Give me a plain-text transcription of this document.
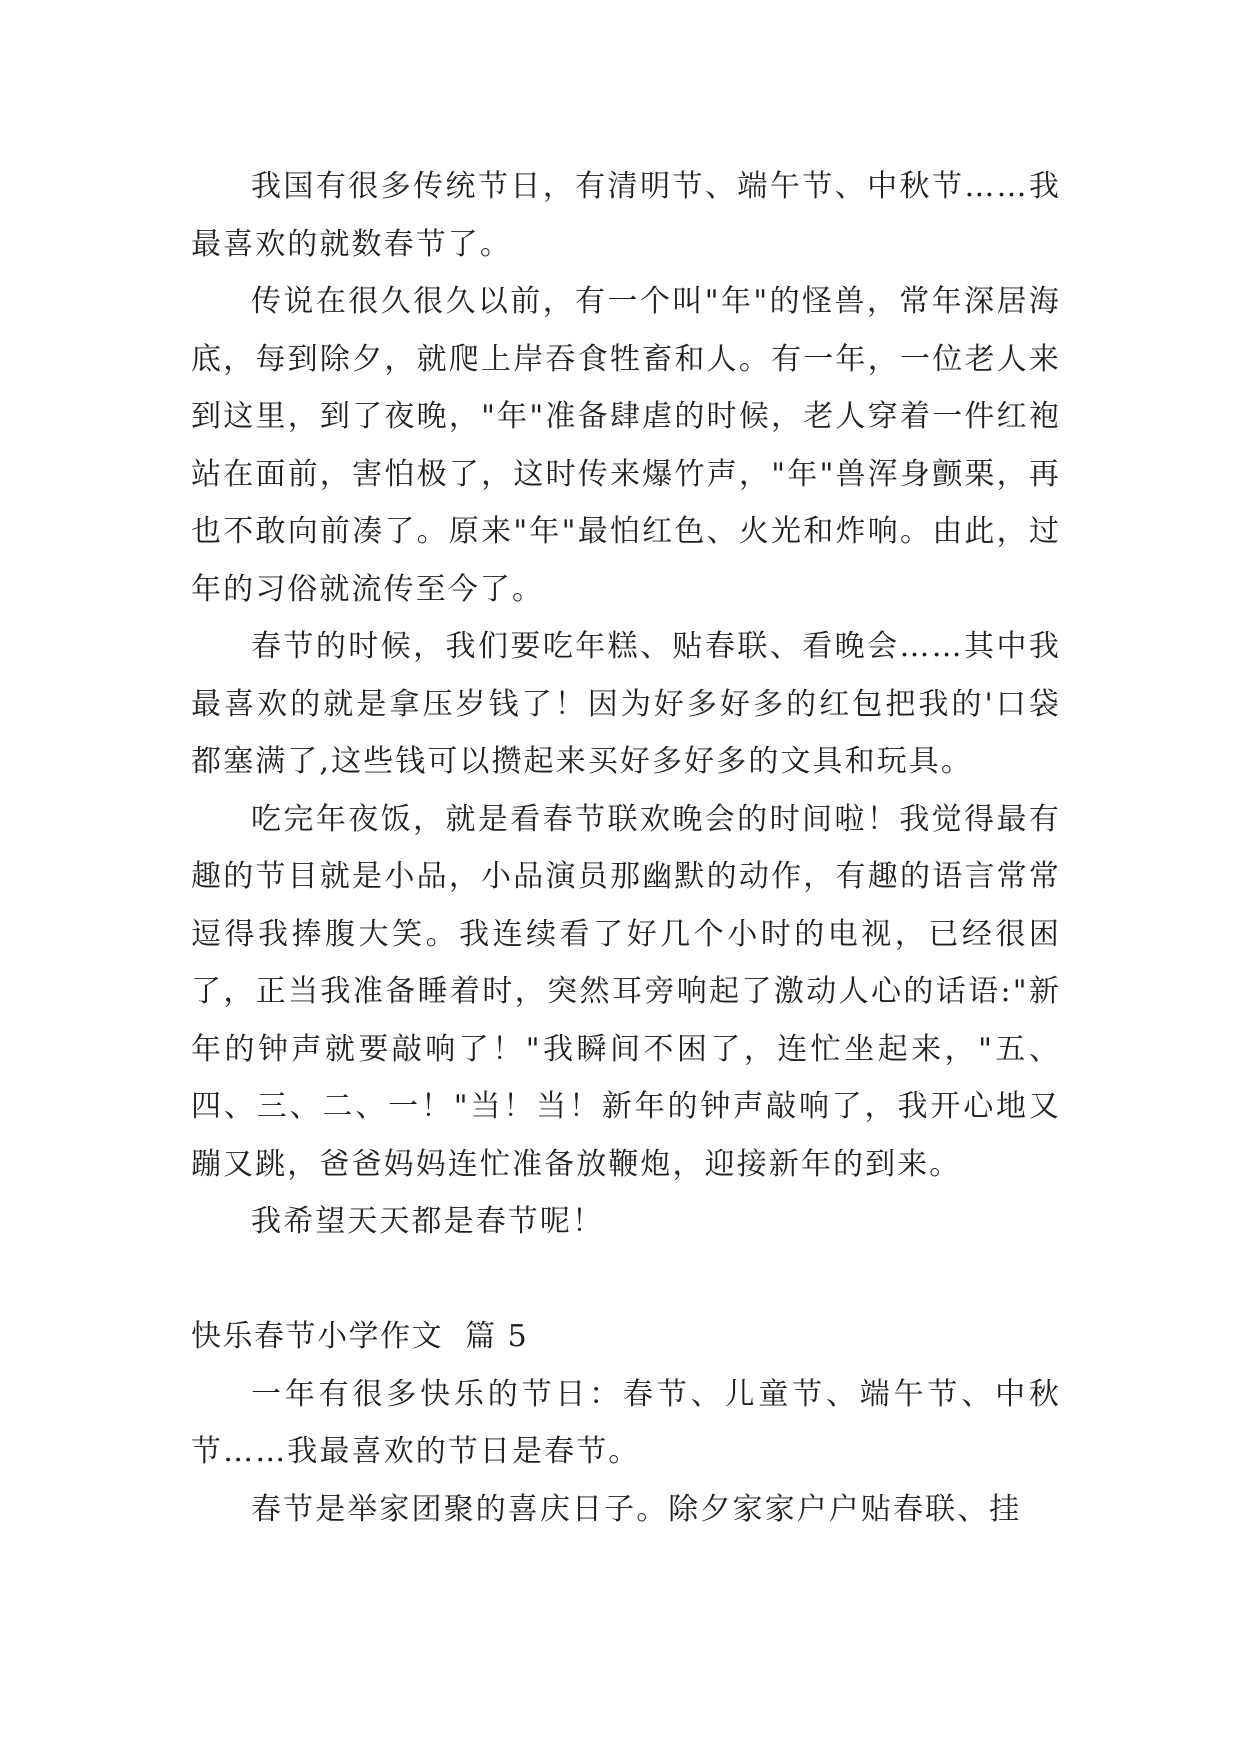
我国有很多传统节日，有清明节、端午节、中秋节……我最喜欢的就数春节了。

传说在很久很久以前，有一个叫"年"的怪兽，常年深居海底，每到除夕，就爬上岸吞食牲畜和人。有一年，一位老人来到这里，到了夜晚，"年"准备肆虐的时候，老人穿着一件红袍站在面前，害怕极了，这时传来爆竹声，"年"兽浑身颤栗，再也不敢向前凑了。原来"年"最怕红色、火光和炸响。由此，过年的习俗就流传至今了。

春节的时候，我们要吃年糕、贴春联、看晚会……其中我最喜欢的就是拿压岁钱了！因为好多好多的红包把我的'口袋都塞满了,这些钱可以攒起来买好多好多的文具和玩具。

吃完年夜饭，就是看春节联欢晚会的时间啦！我觉得最有趣的节目就是小品，小品演员那幽默的动作，有趣的语言常常逗得我捧腹大笑。我连续看了好几个小时的电视，已经很困了，正当我准备睡着时，突然耳旁响起了激动人心的话语:"新年的钟声就要敲响了！"我瞬间不困了，连忙坐起来，"五、四、三、二、一！"当！当！新年的钟声敲响了，我开心地又蹦又跳，爸爸妈妈连忙准备放鞭炮，迎接新年的到来。

我希望天天都是春节呢！

快乐春节小学作文  篇 5

一年有很多快乐的节日：春节、儿童节、端午节、中秋节……我最喜欢的节日是春节。

春节是举家团聚的喜庆日子。除夕家家户户贴春联、挂
